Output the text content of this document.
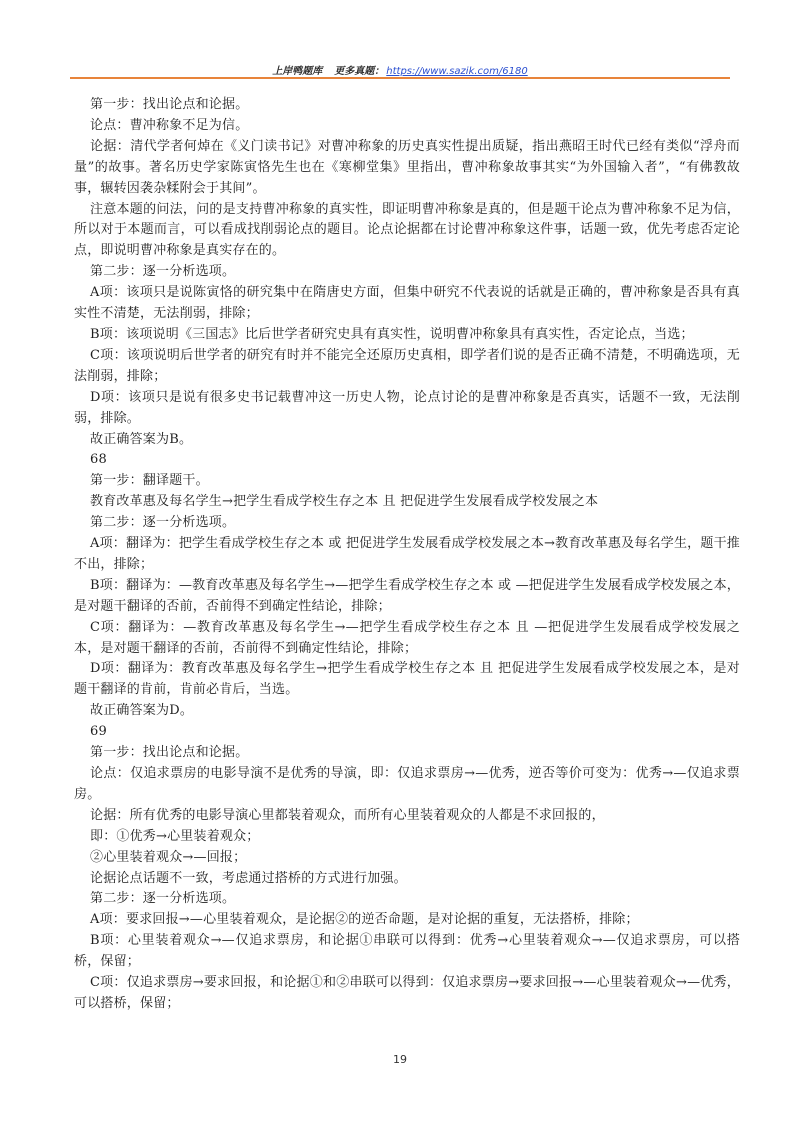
上岸鸭题库 更多真题： https://www.sazik.com/6180

第一步：找出论点和论据。

论点：曹冲称象不足为信。

论据：清代学者何焯在《义门读书记》对曹冲称象的历史真实性提出质疑，指出燕昭王时代已经有类似“浮舟而量”的故事。著名历史学家陈寅恪先生也在《寒柳堂集》里指出，曹冲称象故事其实“为外国输入者”，“有佛教故事，辗转因袭杂糅附会于其间”。

注意本题的问法，问的是支持曹冲称象的真实性，即证明曹冲称象是真的，但是题干论点为曹冲称象不足为信，所以对于本题而言，可以看成找削弱论点的题目。论点论据都在讨论曹冲称象这件事，话题一致，优先考虑否定论点，即说明曹冲称象是真实存在的。

第二步：逐一分析选项。

A项：该项只是说陈寅恪的研究集中在隋唐史方面，但集中研究不代表说的话就是正确的，曹冲称象是否具有真实性不清楚，无法削弱，排除；

B项：该项说明《三国志》比后世学者研究史具有真实性，说明曹冲称象具有真实性，否定论点，当选；

C项：该项说明后世学者的研究有时并不能完全还原历史真相，即学者们说的是否正确不清楚，不明确选项，无法削弱，排除；

D项：该项只是说有很多史书记载曹冲这一历史人物，论点讨论的是曹冲称象是否真实，话题不一致，无法削弱，排除。

故正确答案为B。

68

第一步：翻译题干。

教育改革惠及每名学生→把学生看成学校生存之本 且 把促进学生发展看成学校发展之本

第二步：逐一分析选项。

A项：翻译为：把学生看成学校生存之本 或 把促进学生发展看成学校发展之本→教育改革惠及每名学生，题干推不出，排除；

B项：翻译为：—教育改革惠及每名学生→—把学生看成学校生存之本 或 —把促进学生发展看成学校发展之本，是对题干翻译的否前，否前得不到确定性结论，排除；

C项：翻译为：—教育改革惠及每名学生→—把学生看成学校生存之本 且 —把促进学生发展看成学校发展之本，是对题干翻译的否前，否前得不到确定性结论，排除；

D项：翻译为：教育改革惠及每名学生→把学生看成学校生存之本 且 把促进学生发展看成学校发展之本，是对题干翻译的肯前，肯前必肯后，当选。

故正确答案为D。

69

第一步：找出论点和论据。

论点：仅追求票房的电影导演不是优秀的导演，即：仅追求票房→—优秀，逆否等价可变为：优秀→—仅追求票房。

论据：所有优秀的电影导演心里都装着观众，而所有心里装着观众的人都是不求回报的，

即：①优秀→心里装着观众；

②心里装着观众→—回报；

论据论点话题不一致，考虑通过搭桥的方式进行加强。

第二步：逐一分析选项。

A项：要求回报→—心里装着观众，是论据②的逆否命题，是对论据的重复，无法搭桥，排除；

B项：心里装着观众→—仅追求票房，和论据①串联可以得到：优秀→心里装着观众→—仅追求票房，可以搭桥，保留；

C项：仅追求票房→要求回报，和论据①和②串联可以得到：仅追求票房→要求回报→—心里装着观众→—优秀，可以搭桥，保留；

19
